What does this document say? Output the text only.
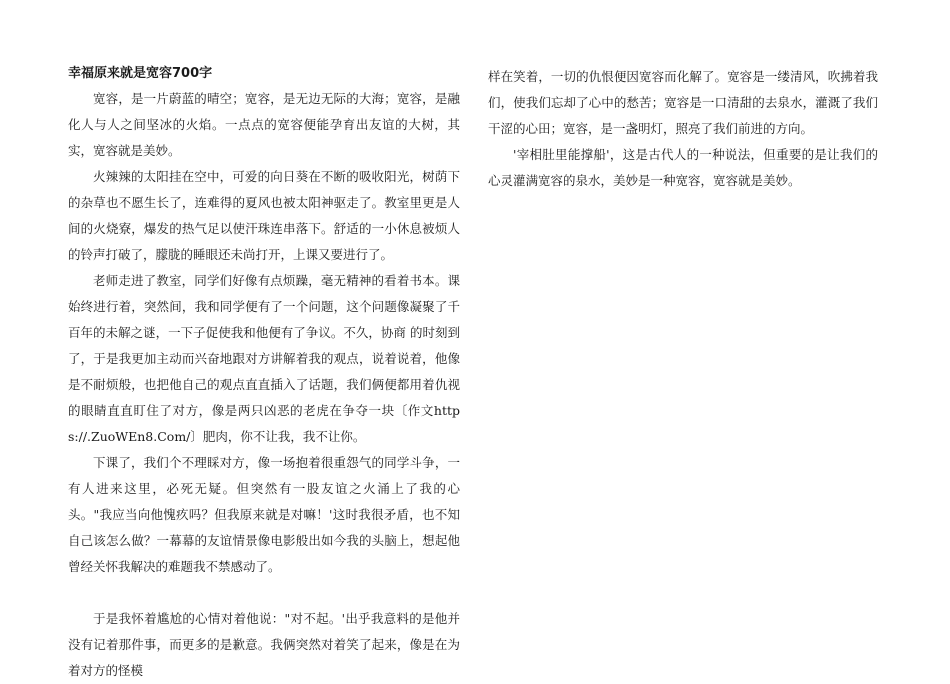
幸福原来就是宽容700字

宽容，是一片蔚蓝的晴空；宽容，是无边无际的大海；宽容，是融化人与人之间坚冰的火焰。一点点的宽容便能孕育出友谊的大树，其实，宽容就是美妙。

火辣辣的太阳挂在空中，可爱的向日葵在不断的吸收阳光，树荫下的杂草也不愿生长了，连难得的夏风也被太阳神驱走了。教室里更是人间的火烧寮，爆发的热气足以使汗珠连串落下。舒适的一小休息被烦人的铃声打破了，朦胧的睡眼还未尚打开，上课又要进行了。

老师走进了教室，同学们好像有点烦躁，毫无精神的看着书本。课始终进行着，突然间，我和同学便有了一个问题，这个问题像凝聚了千百年的未解之谜，一下子促使我和他便有了争议。不久，协商 的时刻到了，于是我更加主动而兴奋地跟对方讲解着我的观点，说着说着，他像是不耐烦般，也把他自己的观点直直插入了话题，我们俩便都用着仇视的眼睛直直盯住了对方，像是两只凶恶的老虎在争夺一块〔作文https://.ZuoWEn8.Com/〕肥肉，你不让我，我不让你。

下课了，我们个不理睬对方，像一场抱着很重怨气的同学斗争，一有人进来这里，必死无疑。但突然有一股友谊之火涌上了我的心头。"我应当向他愧疚吗？但我原来就是对嘛！'这时我很矛盾，也不知自己该怎么做？一幕幕的友谊情景像电影般出如今我的头脑上，想起他曾经关怀我解决的难题我不禁感动了。

于是我怀着尴尬的心情对着他说："对不起。'出乎我意料的是他并没有记着那件事，而更多的是歉意。我俩突然对着笑了起来，像是在为着对方的怪模

样在笑着，一切的仇恨便因宽容而化解了。宽容是一缕清风，吹拂着我们，使我们忘却了心中的愁苦；宽容是一口清甜的去泉水，灌溉了我们干涩的心田；宽容，是一盏明灯，照亮了我们前进的方向。

'宰相肚里能撑船'，这是古代人的一种说法，但重要的是让我们的心灵灌满宽容的泉水，美妙是一种宽容，宽容就是美妙。
